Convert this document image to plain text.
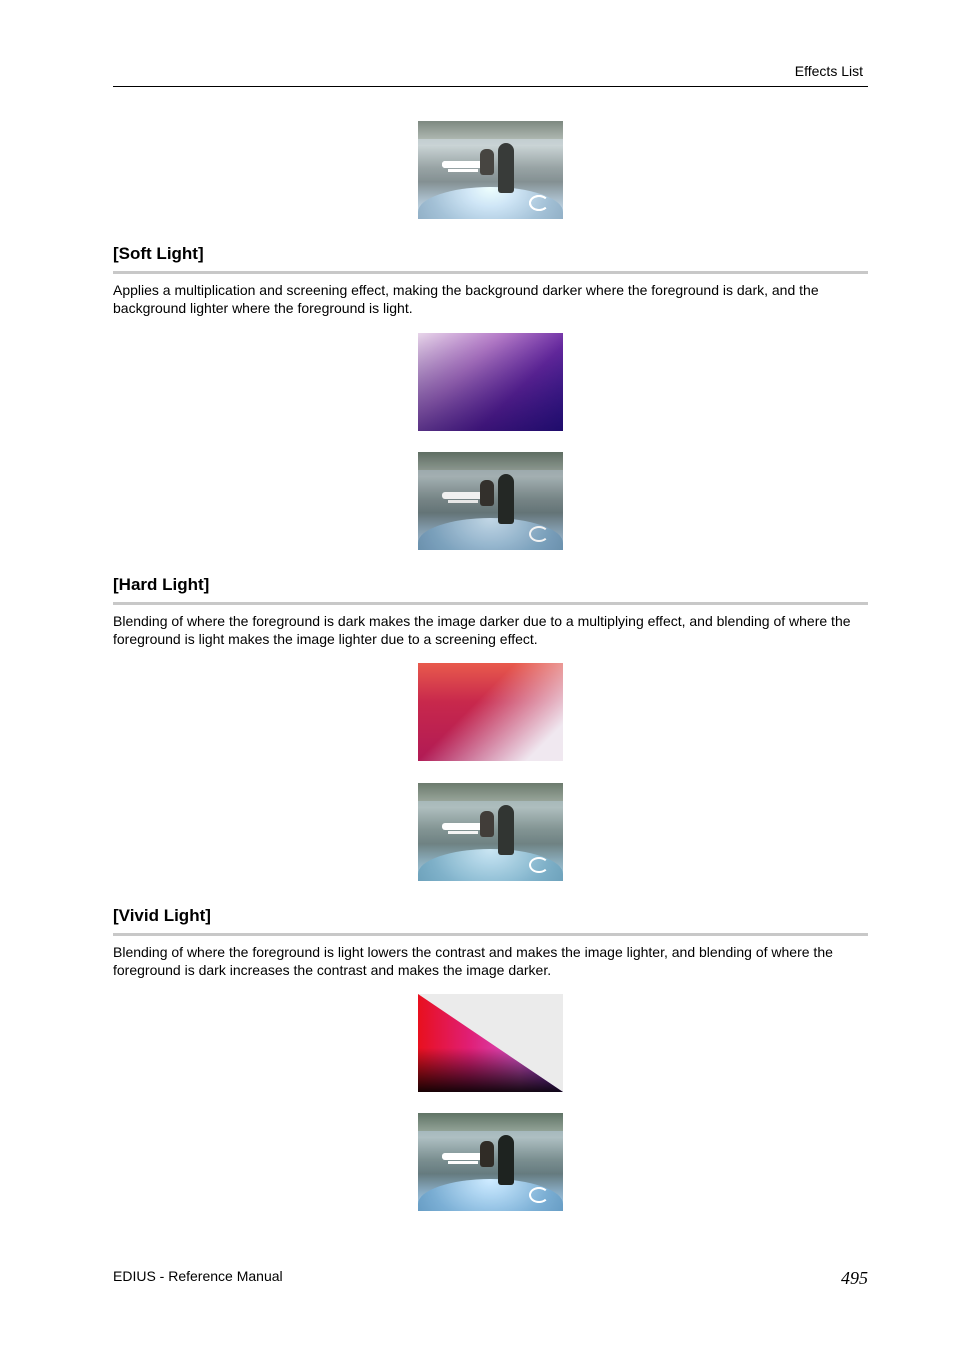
Effects List
[Soft Light]
Applies a multiplication and screening effect, making the background darker where the foreground is dark, and the background lighter where the foreground is light.
[Hard Light]
Blending of where the foreground is dark makes the image darker due to a multiplying effect, and blending of where the foreground is light makes the image lighter due to a screening effect.
[Vivid Light]
Blending of where the foreground is light lowers the contrast and makes the image lighter, and blending of where the foreground is dark increases the contrast and makes the image darker.
EDIUS - Reference Manual	495
